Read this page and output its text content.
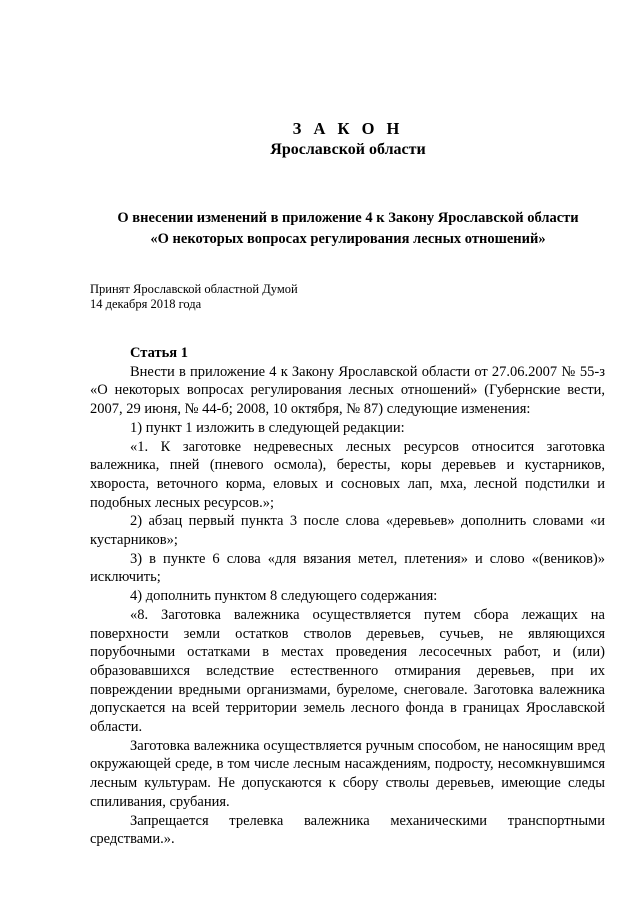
З А К О Н
Ярославской области
О внесении изменений в приложение 4 к Закону Ярославской области
«О некоторых вопросах регулирования лесных отношений»
Принят Ярославской областной Думой
14 декабря 2018 года

Статья 1

Внести в приложение 4 к Закону Ярославской области от 27.06.2007 № 55-з «О некоторых вопросах регулирования лесных отношений» (Губернские вести, 2007, 29 июня, № 44-б; 2008, 10 октября, № 87) следующие изменения:

1) пункт 1 изложить в следующей редакции:

«1. К заготовке недревесных лесных ресурсов относится заготовка валежника, пней (пневого осмола), бересты, коры деревьев и кустарников, хвороста, веточного корма, еловых и сосновых лап, мха, лесной подстилки и подобных лесных ресурсов.»;

2) абзац первый пункта 3 после слова «деревьев» дополнить словами «и кустарников»;

3) в пункте 6 слова «для вязания метел, плетения» и слово «(веников)» исключить;

4) дополнить пунктом 8 следующего содержания:

«8. Заготовка валежника осуществляется путем сбора лежащих на поверхности земли остатков стволов деревьев, сучьев, не являющихся порубочными остатками в местах проведения лесосечных работ, и (или) образовавшихся вследствие естественного отмирания деревьев, при их повреждении вредными организмами, буреломе, снеговале. Заготовка валежника допускается на всей территории земель лесного фонда в границах Ярославской области.

Заготовка валежника осуществляется ручным способом, не наносящим вред окружающей среде, в том числе лесным насаждениям, подросту, несомкнувшимся лесным культурам. Не допускаются к сбору стволы деревьев, имеющие следы спиливания, срубания.

Запрещается трелевка валежника механическими транспортными средствами.».
